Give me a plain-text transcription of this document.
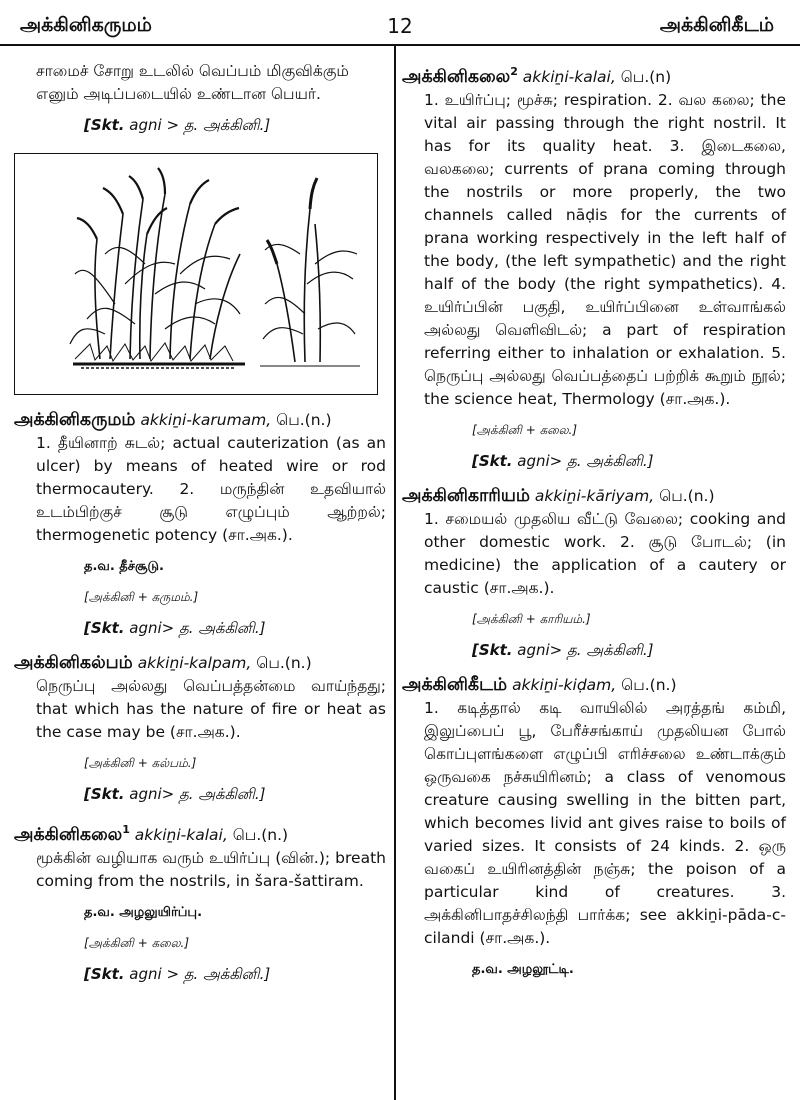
அக்கினிகருமம்	12	அக்கினிகீடம்
சாமைச் சோறு உடலில் வெப்பம் மிகுவிக்கும்
எனும் அடிப்படையில் உண்டான பெயர்.
[Skt. agni > த. அக்கினி.]
அக்கினிகருமம் akkiṉi-karumam, பெ.(n.)
1. தீயினாற் சுடல்; actual cauterization (as an ulcer) by means of heated wire or rod thermocautery. 2. மருந்தின் உதவியால் உடம்பிற்குச் சூடு எழுப்பும் ஆற்றல்; thermogenetic potency (சா.அக.).
த.வ. தீச்சூடு.
[அக்கினி + கருமம்.]
[Skt. agni> த. அக்கினி.]
அக்கினிகல்பம் akkiṉi-kalpam, பெ.(n.)
நெருப்பு அல்லது வெப்பத்தன்மை வாய்ந்தது; that which has the nature of fire or heat as the case may be (சா.அக.).
[அக்கினி + கல்பம்.]
[Skt. agni> த. அக்கினி.]
அக்கினிகலை$^1$ akkiṉi-kalai, பெ.(n.)
மூக்கின் வழியாக வரும் உயிர்ப்பு (வின்.); breath coming from the nostrils, in šara-šattiram.
த.வ. அழலுயிர்ப்பு.
[அக்கினி + கலை.]
[Skt. agni > த. அக்கினி.]
அக்கினிகலை$^2$ akkiṉi-kalai, பெ.(n)
1. உயிர்ப்பு; மூச்சு; respiration. 2. வல கலை; the vital air passing through the right nostril. It has for its quality heat. 3. இடைகலை, வலகலை; currents of prana coming through the nostrils or more properly, the two channels called nāḍis for the currents of prana working respectively in the left half of the body, (the left sympathetic) and the right half of the body (the right sympathetics). 4. உயிர்ப்பின் பகுதி, உயிர்ப்பினை உள்வாங்கல் அல்லது வெளிவிடல்; a part of respiration referring either to inhalation or exhalation. 5. நெருப்பு அல்லது வெப்பத்தைப் பற்றிக் கூறும் நூல்; the science heat, Thermology (சா.அக.).
[அக்கினி + கலை.]
[Skt. agni> த. அக்கினி.]
அக்கினிகாரியம் akkiṉi-kāriyam, பெ.(n.)
1. சமையல் முதலிய வீட்டு வேலை; cooking and other domestic work. 2. சூடு போடல்; (in medicine) the application of a cautery or caustic (சா.அக.).
[அக்கினி + காரியம்.]
[Skt. agni> த. அக்கினி.]
அக்கினிகீடம் akkiṉi-kiḍam, பெ.(n.)
1. கடித்தால் கடி வாயிலில் அரத்தங் கம்மி, இலுப்பைப் பூ, பேரீச்சங்காய் முதலியன போல் கொப்புளங்களை எழுப்பி எரிச்சலை உண்டாக்கும் ஒருவகை நச்சுயிரினம்; a class of venomous creature causing swelling in the bitten part, which becomes livid ant gives raise to boils of varied sizes. It consists of 24 kinds. 2. ஒரு வகைப் உயிரினத்தின் நஞ்சு; the poison of a particular kind of creatures. 3. அக்கினிபாதச்சிலந்தி பார்க்க; see akkiṉi-pāda-c-cilandi (சா.அக.).
த.வ. அழலூட்டி.
